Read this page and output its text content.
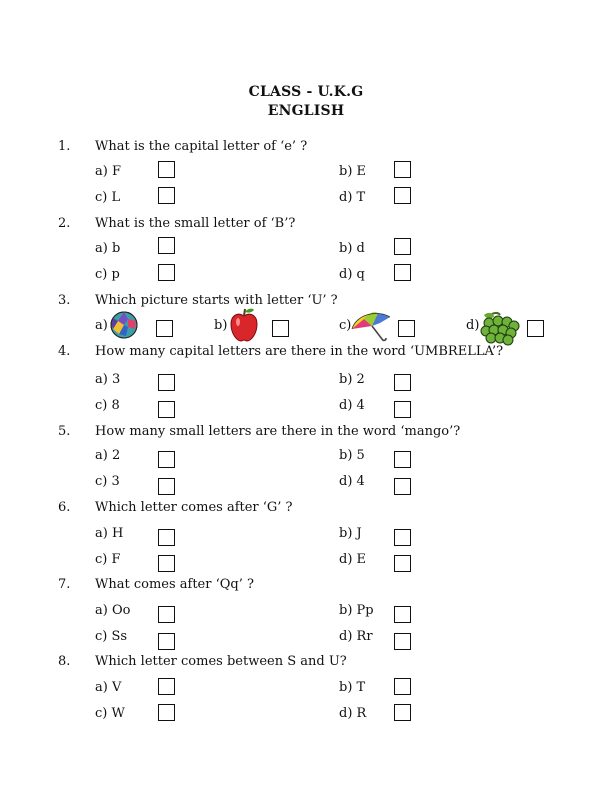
CLASS - U.K.G
ENGLISH
1. What is the capital letter of ‘e’ ?
a) F	b) E
c) L	d) T
2. What is the small letter of ‘B’?
a) b	b) d
c) p	d) q
3. Which picture starts with letter ‘U’ ?
a)	b)	c)	d)
4. How many capital letters are there in the word ‘UMBRELLA’?
a) 3	b) 2
c) 8	d) 4
5. How many small letters are there in the word ‘mango’?
a) 2	b) 5
c) 3	d) 4
6. Which letter comes after ‘G’ ?
a) H	b) J
c) F	d) E
7. What comes after ‘Qq’ ?
a) Oo	b) Pp
c) Ss	d) Rr
8. Which letter comes between S and U?
a) V	b) T
c) W	d) R
